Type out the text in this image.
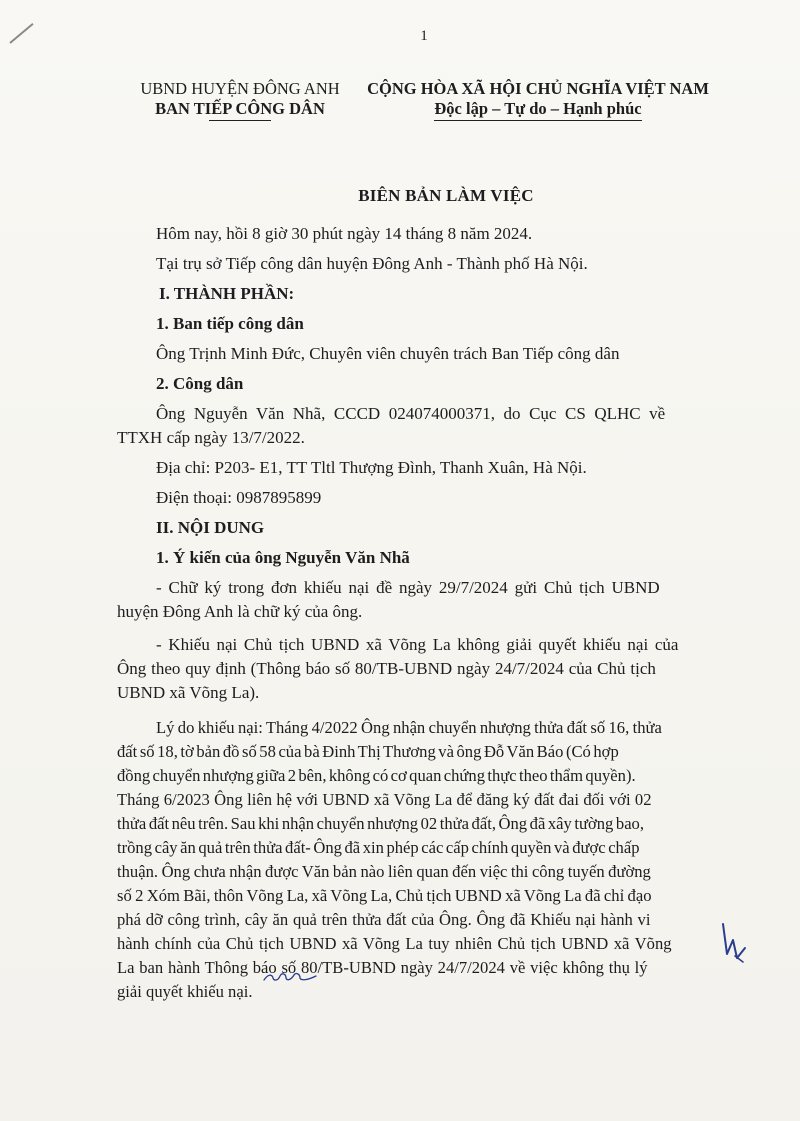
1
UBND HUYỆN ĐÔNG ANH
BAN TIẾP CÔNG DÂN
CỘNG HÒA XÃ HỘI CHỦ NGHĨA VIỆT NAM
Độc lập – Tự do – Hạnh phúc
BIÊN BẢN LÀM VIỆC
Hôm nay, hồi 8 giờ 30 phút ngày 14 tháng 8 năm 2024.
Tại trụ sở Tiếp công dân huyện Đông Anh - Thành phố Hà Nội.
I. THÀNH PHẦN:
1. Ban tiếp công dân
Ông Trịnh Minh Đức, Chuyên viên chuyên trách Ban Tiếp công dân
2. Công dân
Ông Nguyễn Văn Nhã, CCCD 024074000371, do Cục CS QLHC về
TTXH cấp ngày 13/7/2022.
Địa chỉ: P203- E1, TT Tltl Thượng Đình, Thanh Xuân, Hà Nội.
Điện thoại: 0987895899
II. NỘI DUNG
1. Ý kiến của ông Nguyễn Văn Nhã
- Chữ ký trong đơn khiếu nại đề ngày 29/7/2024 gửi Chủ tịch UBND
huyện Đông Anh là chữ ký của ông.
- Khiếu nại Chủ tịch UBND xã Võng La không giải quyết khiếu nại của
Ông theo quy định (Thông báo số 80/TB-UBND ngày 24/7/2024 của Chủ tịch
UBND xã Võng La).
Lý do khiếu nại: Tháng 4/2022 Ông nhận chuyển nhượng thửa đất số 16, thửa
đất số 18, tờ bản đồ số 58 của bà Đinh Thị Thương và ông Đỗ Văn Báo (Có hợp
đồng chuyển nhượng giữa 2 bên, không có cơ quan chứng thực theo thẩm quyền).
Tháng 6/2023 Ông liên hệ với UBND xã Võng La để đăng ký đất đai đối với 02
thửa đất nêu trên. Sau khi nhận chuyển nhượng 02 thửa đất, Ông đã xây tường bao,
trồng cây ăn quả trên thửa đất- Ông đã xin phép các cấp chính quyền và được chấp
thuận. Ông chưa nhận được Văn bản nào liên quan đến việc thi công tuyến đường
số 2 Xóm Bãi, thôn Võng La, xã Võng La, Chủ tịch UBND xã Võng La đã chỉ đạo
phá dỡ công trình, cây ăn quả trên thửa đất của Ông. Ông đã Khiếu nại hành vi
hành chính của Chủ tịch UBND xã Võng La tuy nhiên Chủ tịch UBND xã Võng
La ban hành Thông báo số 80/TB-UBND ngày 24/7/2024 về việc không thụ lý
giải quyết khiếu nại.
